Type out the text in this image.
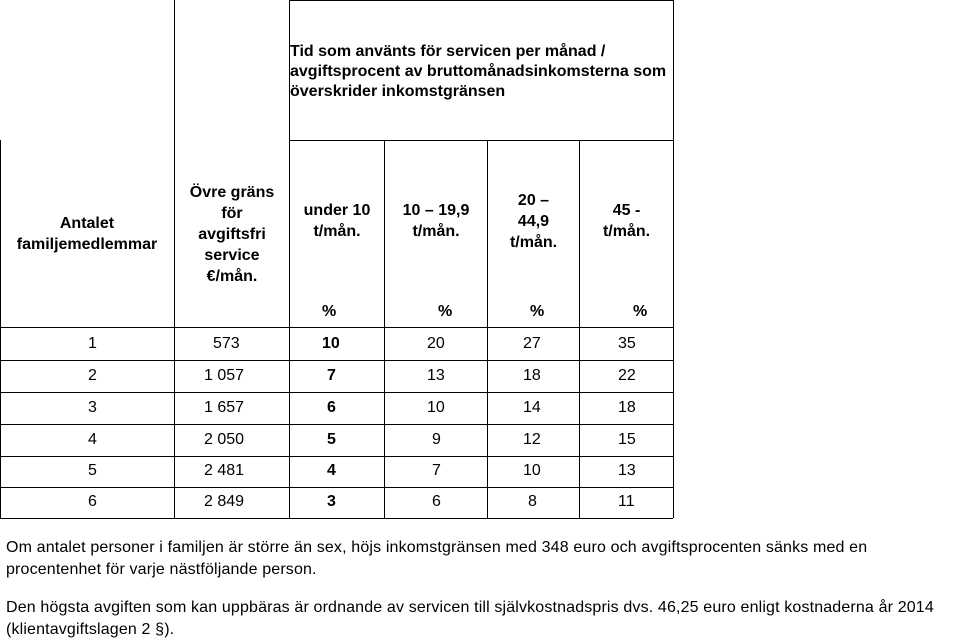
Tid som använts för servicen per månad / avgiftsprocent av bruttomånadsinkomsterna som överskrider inkomstgränsen
Antalet familjemedlemmar
Övre gräns för avgiftsfri service €/mån.
under 10 t/mån.
10 – 19,9 t/mån.
20 – 44,9 t/mån.
45 - t/mån.
%	%	%	%
1	573	10	20	27	35
2	1 057	7	13	18	22
3	1 657	6	10	14	18
4	2 050	5	9	12	15
5	2 481	4	7	10	13
6	2 849	3	6	8	11
Om antalet personer i familjen är större än sex, höjs inkomstgränsen med 348 euro och avgiftsprocenten sänks med en procentenhet för varje nästföljande person.
Den högsta avgiften som kan uppbäras är ordnande av servicen till självkostnadspris dvs. 46,25 euro enligt kostnaderna år 2014 (klientavgiftslagen 2 §).
